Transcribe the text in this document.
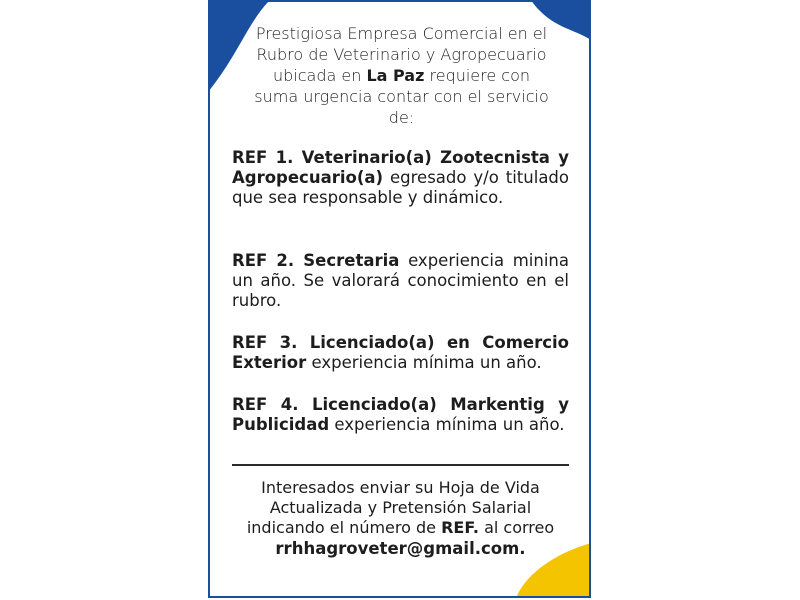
Prestigiosa Empresa Comercial en el Rubro de Veterinario y Agropecuario ubicada en La Paz requiere con suma urgencia contar con el servicio de:
REF 1. Veterinario(a) Zootecnista y Agropecuario(a) egresado y/o titulado que sea responsable y dinámico.
REF 2. Secretaria experiencia minina un año. Se valorará conocimiento en el rubro.
REF 3. Licenciado(a) en Comercio Exterior experiencia mínima un año.
REF 4. Licenciado(a) Markentig y Publicidad experiencia mínima un año.
Interesados enviar su Hoja de Vida Actualizada y Pretensión Salarial indicando el número de REF. al correo
rrhhagroveter@gmail.com.
